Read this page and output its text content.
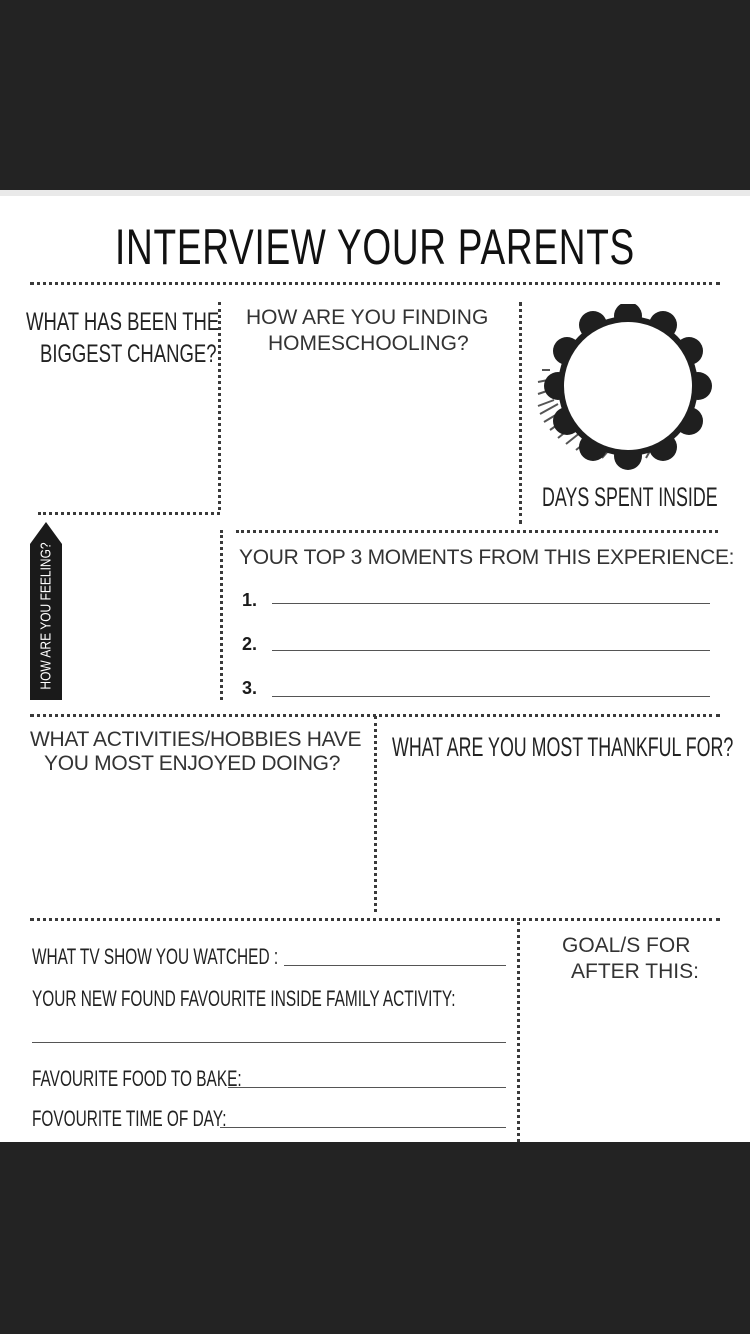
INTERVIEW YOUR PARENTS
WHAT HAS BEEN THE
BIGGEST CHANGE?
HOW ARE YOU FINDING
HOMESCHOOLING?
DAYS SPENT INSIDE
HOW ARE YOU FEELING?	YOUR TOP 3 MOMENTS FROM THIS EXPERIENCE:
1.
2.
3.
WHAT ACTIVITIES/HOBBIES HAVE
YOU MOST ENJOYED DOING?
WHAT ARE YOU MOST THANKFUL FOR?
WHAT TV SHOW YOU WATCHED :
YOUR NEW FOUND FAVOURITE INSIDE FAMILY ACTIVITY:
FAVOURITE FOOD TO BAKE:
FOVOURITE TIME OF DAY:
GOAL/S FOR
AFTER THIS:
